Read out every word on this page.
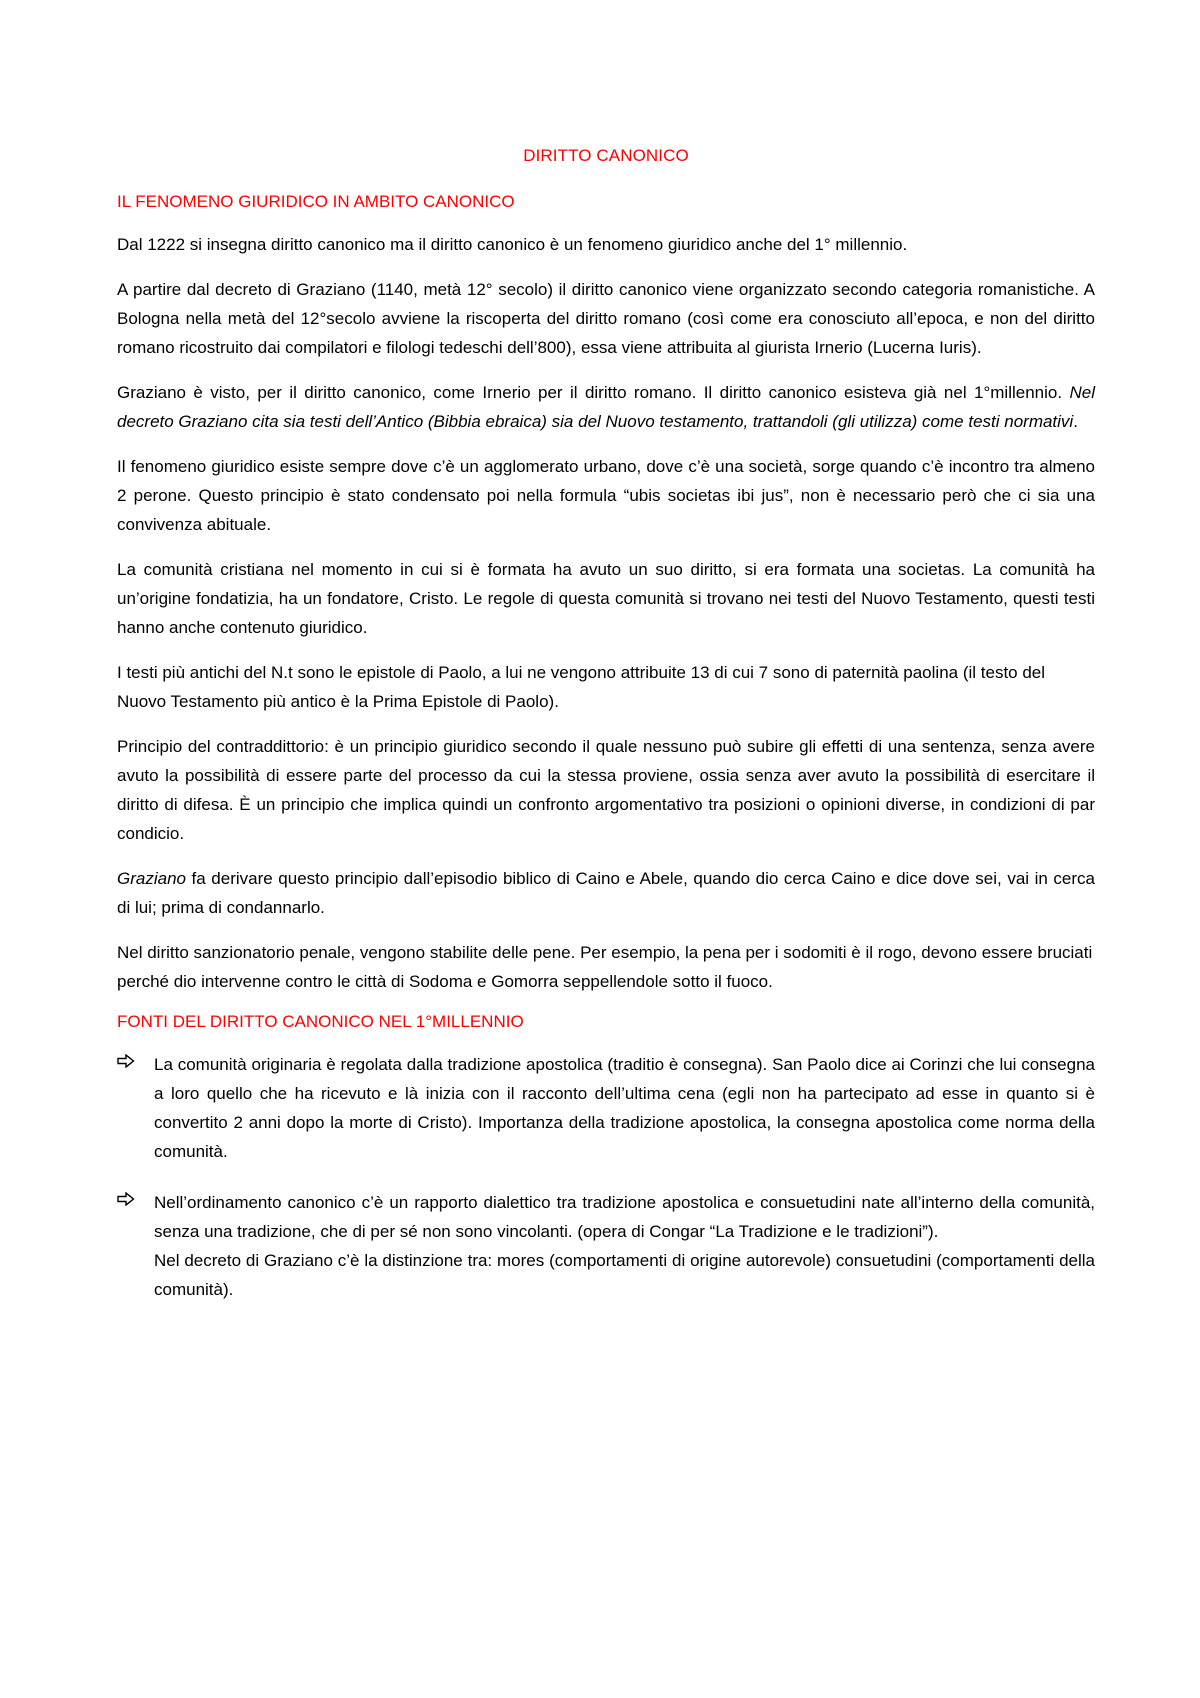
DIRITTO CANONICO
IL FENOMENO GIURIDICO IN AMBITO CANONICO
Dal 1222 si insegna diritto canonico ma il diritto canonico è un fenomeno giuridico anche del 1° millennio.
A partire dal decreto di Graziano (1140, metà 12° secolo) il diritto canonico viene organizzato secondo categoria romanistiche. A Bologna nella metà del 12°secolo avviene la riscoperta del diritto romano (così come era conosciuto all’epoca, e non del diritto romano ricostruito dai compilatori e filologi tedeschi dell’800), essa viene attribuita al giurista Irnerio (Lucerna Iuris).
Graziano è visto, per il diritto canonico, come Irnerio per il diritto romano. Il diritto canonico esisteva già nel 1°millennio. Nel decreto Graziano cita sia testi dell’Antico (Bibbia ebraica) sia del Nuovo testamento, trattandoli (gli utilizza) come testi normativi.
Il fenomeno giuridico esiste sempre dove c’è un agglomerato urbano, dove c’è una società, sorge quando c’è incontro tra almeno 2 perone. Questo principio è stato condensato poi nella formula “ubis societas ibi jus”, non è necessario però che ci sia una convivenza abituale.
La comunità cristiana nel momento in cui si è formata ha avuto un suo diritto, si era formata una societas. La comunità ha un’origine fondatizia, ha un fondatore, Cristo. Le regole di questa comunità si trovano nei testi del Nuovo Testamento, questi testi hanno anche contenuto giuridico.
I testi più antichi del N.t sono le epistole di Paolo, a lui ne vengono attribuite 13 di cui 7 sono di paternità paolina (il testo del Nuovo Testamento più antico è la Prima Epistole di Paolo).
Principio del contraddittorio: è un principio giuridico secondo il quale nessuno può subire gli effetti di una sentenza, senza avere avuto la possibilità di essere parte del processo da cui la stessa proviene, ossia senza aver avuto la possibilità di esercitare il diritto di difesa. È un principio che implica quindi un confronto argomentativo tra posizioni o opinioni diverse, in condizioni di par condicio.
Graziano fa derivare questo principio dall’episodio biblico di Caino e Abele, quando dio cerca Caino e dice dove sei, vai in cerca di lui; prima di condannarlo.
Nel diritto sanzionatorio penale, vengono stabilite delle pene. Per esempio, la pena per i sodomiti è il rogo, devono essere bruciati perché dio intervenne contro le città di Sodoma e Gomorra seppellendole sotto il fuoco.
FONTI DEL DIRITTO CANONICO NEL 1°MILLENNIO
La comunità originaria è regolata dalla tradizione apostolica (traditio è consegna). San Paolo dice ai Corinzi che lui consegna a loro quello che ha ricevuto e là inizia con il racconto dell’ultima cena (egli non ha partecipato ad esse in quanto si è convertito 2 anni dopo la morte di Cristo). Importanza della tradizione apostolica, la consegna apostolica come norma della comunità.
Nell’ordinamento canonico c’è un rapporto dialettico tra tradizione apostolica e consuetudini nate all’interno della comunità, senza una tradizione, che di per sé non sono vincolanti. (opera di Congar “La Tradizione e le tradizioni”).
Nel decreto di Graziano c’è la distinzione tra: mores (comportamenti di origine autorevole) consuetudini (comportamenti della comunità).
